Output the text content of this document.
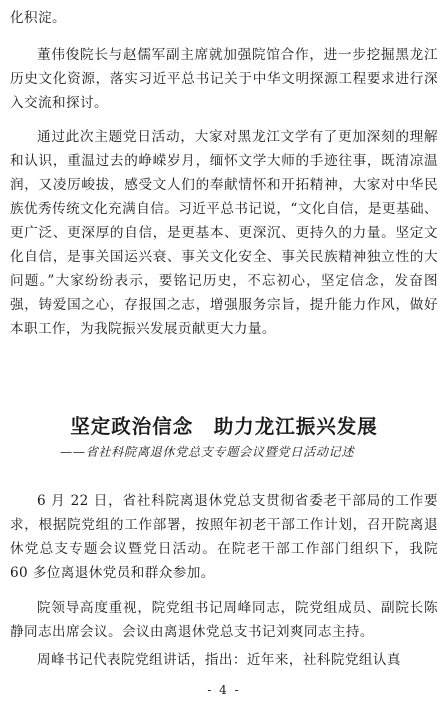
化积淀。

董伟俊院长与赵儒军副主席就加强院馆合作，进一步挖掘黑龙江历史文化资源，落实习近平总书记关于中华文明探源工程要求进行深入交流和探讨。

通过此次主题党日活动，大家对黑龙江文学有了更加深刻的理解和认识，重温过去的峥嵘岁月，缅怀文学大师的手迹往事，既清凉温润，又凌厉峻拔，感受文人们的奉献情怀和开拓精神，大家对中华民族优秀传统文化充满自信。习近平总书记说，“文化自信，是更基础、更广泛、更深厚的自信，是更基本、更深沉、更持久的力量。坚定文化自信，是事关国运兴衰、事关文化安全、事关民族精神独立性的大问题。”大家纷纷表示，要铭记历史，不忘初心，坚定信念，发奋图强，铸爱国之心，存报国之志，增强服务宗旨，提升能力作风，做好本职工作，为我院振兴发展贡献更大力量。

坚定政治信念　助力龙江振兴发展

——省社科院离退休党总支专题会议暨党日活动记述

6 月 22 日，省社科院离退休党总支贯彻省委老干部局的工作要求，根据院党组的工作部署，按照年初老干部工作计划，召开院离退休党总支专题会议暨党日活动。在院老干部工作部门组织下，我院 60 多位离退休党员和群众参加。

院领导高度重视，院党组书记周峰同志，院党组成员、副院长陈静同志出席会议。会议由离退休党总支书记刘爽同志主持。

周峰书记代表院党组讲话，指出：近年来，社科院党组认真

- 4 -
